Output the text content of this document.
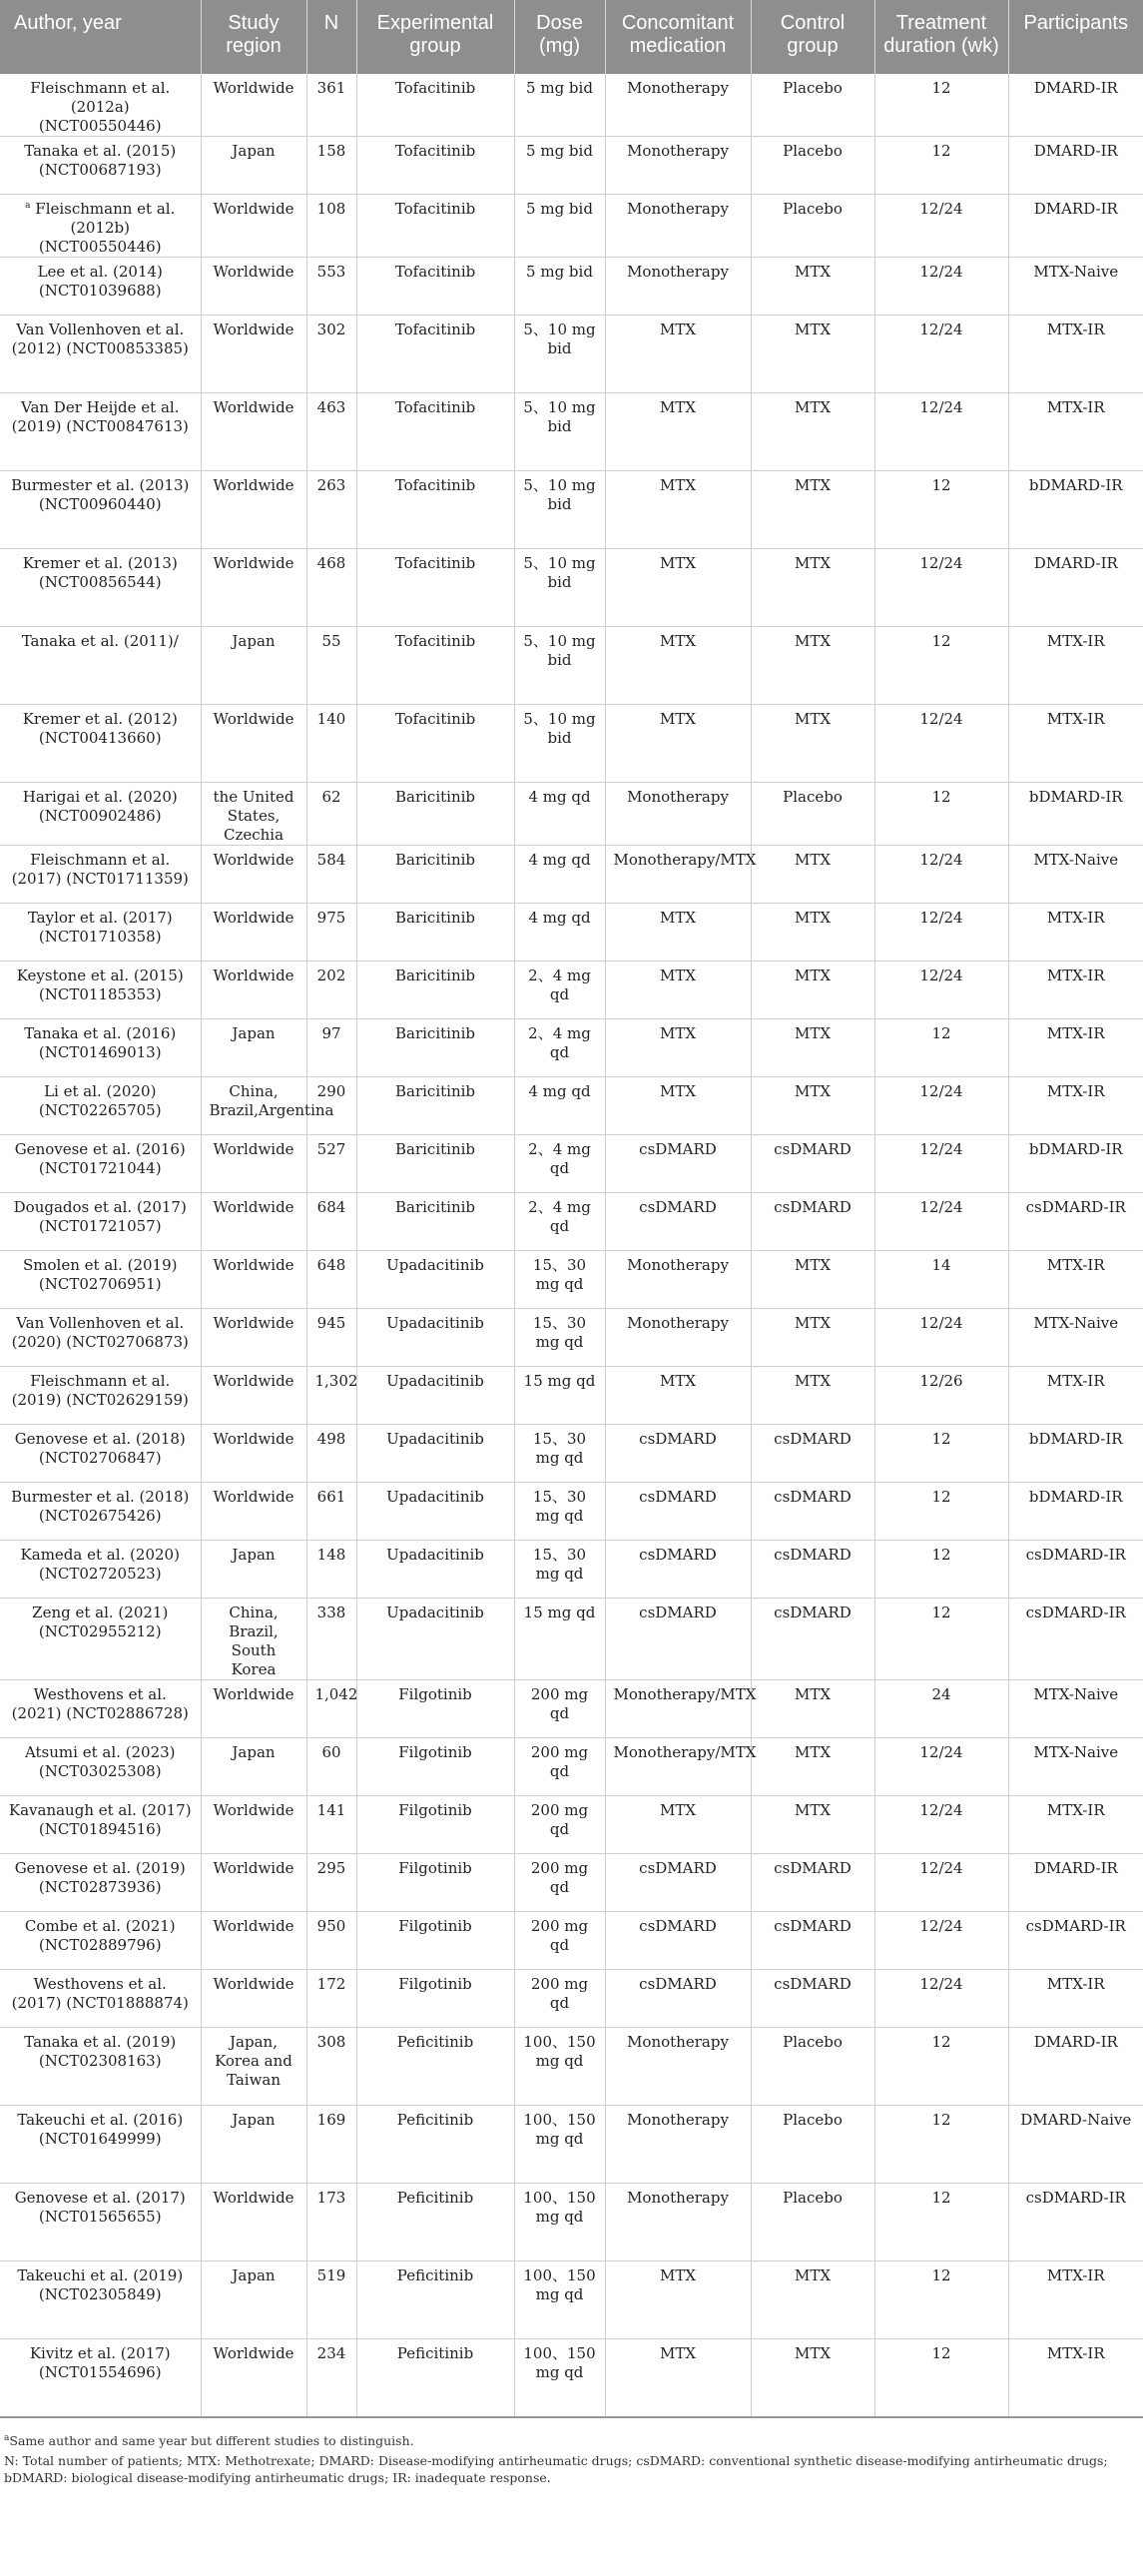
Author, year	Study region	N	Experimental group	Dose (mg)	Concomitant medication	Control group	Treatment duration (wk)	Participants
Fleischmann et al. (2012a) (NCT00550446)	Worldwide	361	Tofacitinib	5 mg bid	Monotherapy	Placebo	12	DMARD-IR
Tanaka et al. (2015) (NCT00687193)	Japan	158	Tofacitinib	5 mg bid	Monotherapy	Placebo	12	DMARD-IR
$^a$ Fleischmann et al. (2012b) (NCT00550446)	Worldwide	108	Tofacitinib	5 mg bid	Monotherapy	Placebo	12/24	DMARD-IR
Lee et al. (2014) (NCT01039688)	Worldwide	553	Tofacitinib	5 mg bid	Monotherapy	MTX	12/24	MTX-Naive
Van Vollenhoven et al. (2012) (NCT00853385)	Worldwide	302	Tofacitinib	5、10 mg bid	MTX	MTX	12/24	MTX-IR
Van Der Heijde et al. (2019) (NCT00847613)	Worldwide	463	Tofacitinib	5、10 mg bid	MTX	MTX	12/24	MTX-IR
Burmester et al. (2013) (NCT00960440)	Worldwide	263	Tofacitinib	5、10 mg bid	MTX	MTX	12	bDMARD-IR
Kremer et al. (2013) (NCT00856544)	Worldwide	468	Tofacitinib	5、10 mg bid	MTX	MTX	12/24	DMARD-IR
Tanaka et al. (2011)/	Japan	55	Tofacitinib	5、10 mg bid	MTX	MTX	12	MTX-IR
Kremer et al. (2012) (NCT00413660)	Worldwide	140	Tofacitinib	5、10 mg bid	MTX	MTX	12/24	MTX-IR
Harigai et al. (2020) (NCT00902486)	the United States, Czechia	62	Baricitinib	4 mg qd	Monotherapy	Placebo	12	bDMARD-IR
Fleischmann et al. (2017) (NCT01711359)	Worldwide	584	Baricitinib	4 mg qd	Monotherapy/MTX	MTX	12/24	MTX-Naive
Taylor et al. (2017) (NCT01710358)	Worldwide	975	Baricitinib	4 mg qd	MTX	MTX	12/24	MTX-IR
Keystone et al. (2015) (NCT01185353)	Worldwide	202	Baricitinib	2、4 mg qd	MTX	MTX	12/24	MTX-IR
Tanaka et al. (2016) (NCT01469013)	Japan	97	Baricitinib	2、4 mg qd	MTX	MTX	12	MTX-IR
Li et al. (2020) (NCT02265705)	China, Brazil,Argentina	290	Baricitinib	4 mg qd	MTX	MTX	12/24	MTX-IR
Genovese et al. (2016) (NCT01721044)	Worldwide	527	Baricitinib	2、4 mg qd	csDMARD	csDMARD	12/24	bDMARD-IR
Dougados et al. (2017) (NCT01721057)	Worldwide	684	Baricitinib	2、4 mg qd	csDMARD	csDMARD	12/24	csDMARD-IR
Smolen et al. (2019) (NCT02706951)	Worldwide	648	Upadacitinib	15、30 mg qd	Monotherapy	MTX	14	MTX-IR
Van Vollenhoven et al. (2020) (NCT02706873)	Worldwide	945	Upadacitinib	15、30 mg qd	Monotherapy	MTX	12/24	MTX-Naive
Fleischmann et al. (2019) (NCT02629159)	Worldwide	1,302	Upadacitinib	15 mg qd	MTX	MTX	12/26	MTX-IR
Genovese et al. (2018) (NCT02706847)	Worldwide	498	Upadacitinib	15、30 mg qd	csDMARD	csDMARD	12	bDMARD-IR
Burmester et al. (2018) (NCT02675426)	Worldwide	661	Upadacitinib	15、30 mg qd	csDMARD	csDMARD	12	bDMARD-IR
Kameda et al. (2020) (NCT02720523)	Japan	148	Upadacitinib	15、30 mg qd	csDMARD	csDMARD	12	csDMARD-IR
Zeng et al. (2021)(NCT02955212)	China, Brazil, South Korea	338	Upadacitinib	15 mg qd	csDMARD	csDMARD	12	csDMARD-IR
Westhovens et al. (2021) (NCT02886728)	Worldwide	1,042	Filgotinib	200 mg qd	Monotherapy/MTX	MTX	24	MTX-Naive
Atsumi et al. (2023) (NCT03025308)	Japan	60	Filgotinib	200 mg qd	Monotherapy/MTX	MTX	12/24	MTX-Naive
Kavanaugh et al. (2017) (NCT01894516)	Worldwide	141	Filgotinib	200 mg qd	MTX	MTX	12/24	MTX-IR
Genovese et al. (2019) (NCT02873936)	Worldwide	295	Filgotinib	200 mg qd	csDMARD	csDMARD	12/24	DMARD-IR
Combe et al. (2021) (NCT02889796)	Worldwide	950	Filgotinib	200 mg qd	csDMARD	csDMARD	12/24	csDMARD-IR
Westhovens et al. (2017) (NCT01888874)	Worldwide	172	Filgotinib	200 mg qd	csDMARD	csDMARD	12/24	MTX-IR
Tanaka et al. (2019) (NCT02308163)	Japan, Korea and Taiwan	308	Peficitinib	100、150 mg qd	Monotherapy	Placebo	12	DMARD-IR
Takeuchi et al. (2016) (NCT01649999)	Japan	169	Peficitinib	100、150 mg qd	Monotherapy	Placebo	12	DMARD-Naive
Genovese et al. (2017) (NCT01565655)	Worldwide	173	Peficitinib	100、150 mg qd	Monotherapy	Placebo	12	csDMARD-IR
Takeuchi et al. (2019) (NCT02305849)	Japan	519	Peficitinib	100、150 mg qd	MTX	MTX	12	MTX-IR
Kivitz et al. (2017) (NCT01554696)	Worldwide	234	Peficitinib	100、150 mg qd	MTX	MTX	12	MTX-IR

$^a$Same author and same year but different studies to distinguish.

N: Total number of patients; MTX: Methotrexate; DMARD: Disease-modifying antirheumatic drugs; csDMARD: conventional synthetic disease-modifying antirheumatic drugs; bDMARD: biological disease-modifying antirheumatic drugs; IR: inadequate response.
